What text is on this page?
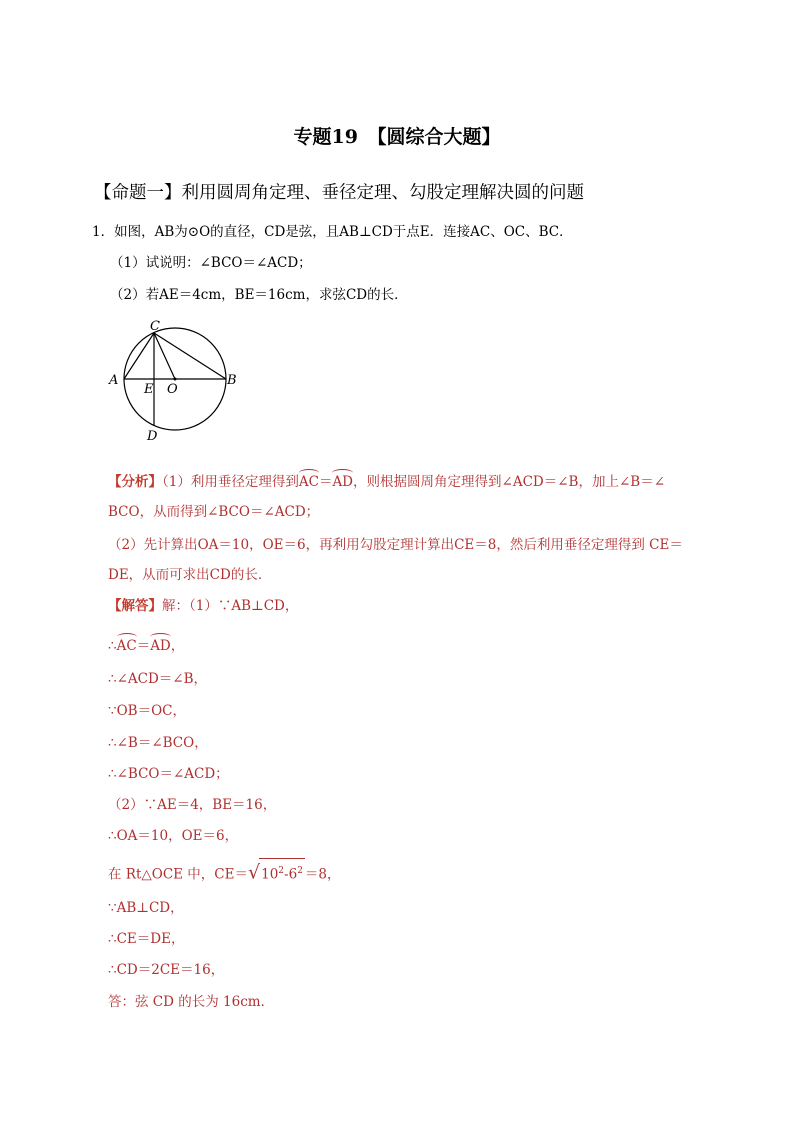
专题19　【圆综合大题】
【命题一】利用圆周角定理、垂径定理、勾股定理解决圆的问题
1．如图，AB为⊙O的直径，CD是弦，且AB⊥CD于点E．连接AC、OC、BC．
（1）试说明：∠BCO＝∠ACD；
（2）若AE＝4cm，BE＝16cm，求弦CD的长．
C
A
E O
B
D
【分析】（1）利用垂径定理得到AC＝AD，则根据圆周角定理得到∠ACD＝∠B，加上∠B＝∠
BCO，从而得到∠BCO＝∠ACD；
（2）先计算出OA＝10，OE＝6，再利用勾股定理计算出CE＝8，然后利用垂径定理得到 CE＝
DE，从而可求出CD的长．
【解答】解：（1）∵AB⊥CD，
∴AC＝AD，
∴∠ACD＝∠B，
∵OB＝OC，
∴∠B＝∠BCO，
∴∠BCO＝∠ACD；
（2）∵AE＝4，BE＝16，
∴OA＝10，OE＝6，
在 Rt△OCE 中，$CE=√10^2-6^2 =8$，
∵AB⊥CD，
∴CE＝DE，
∴CD＝2CE＝16，
答：弦 CD 的长为 16cm．
